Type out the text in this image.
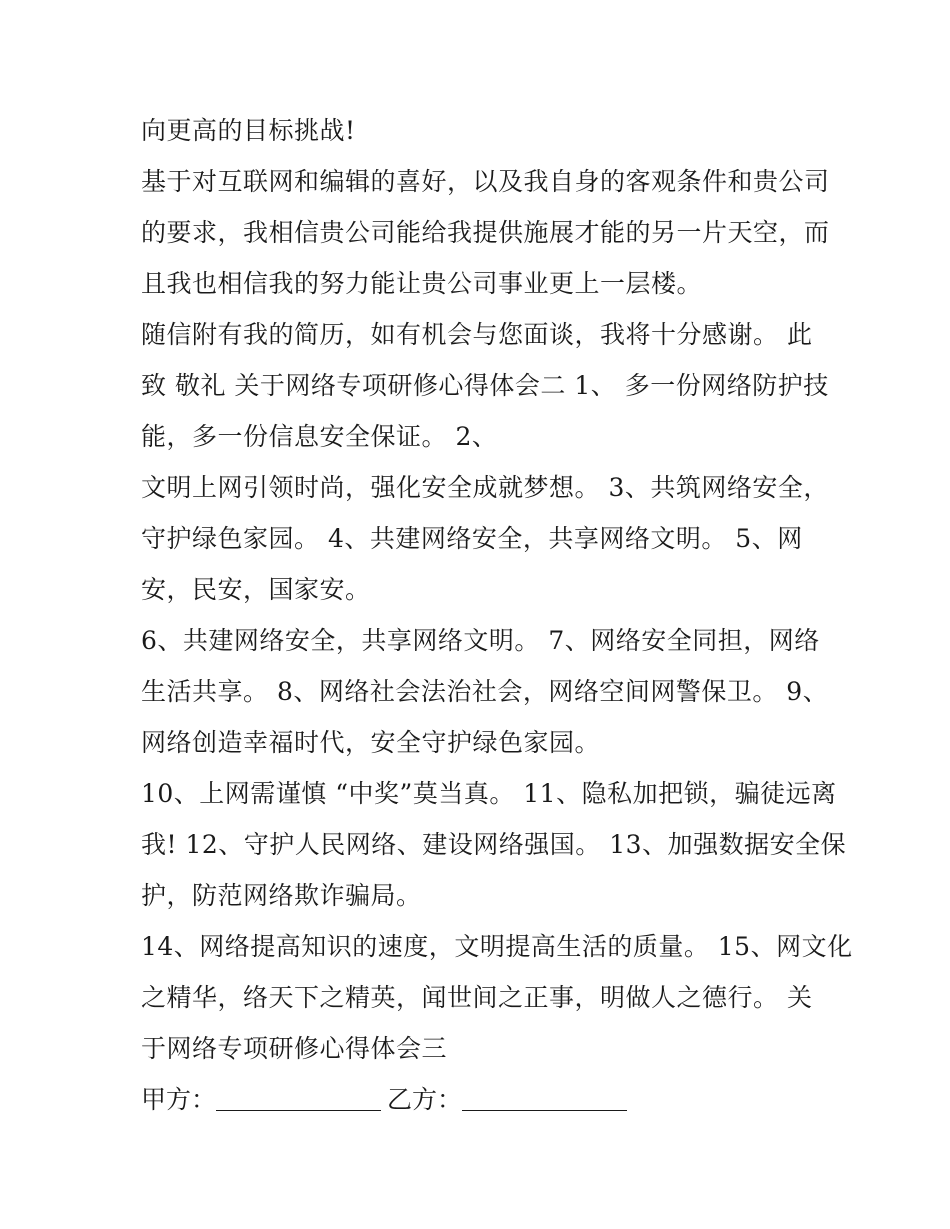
向更高的目标挑战!
基于对互联网和编辑的喜好，以及我自身的客观条件和贵公司
的要求，我相信贵公司能给我提供施展才能的另一片天空，而
且我也相信我的努力能让贵公司事业更上一层楼。
随信附有我的简历，如有机会与您面谈，我将十分感谢。 此
致 敬礼 关于网络专项研修心得体会二 1、 多一份网络防护技
能，多一份信息安全保证。 2、
文明上网引领时尚，强化安全成就梦想。 3、共筑网络安全，
守护绿色家园。 4、共建网络安全，共享网络文明。 5、网
安，民安，国家安。
6、共建网络安全，共享网络文明。 7、网络安全同担，网络
生活共享。 8、网络社会法治社会，网络空间网警保卫。 9、
网络创造幸福时代，安全守护绿色家园。
10、上网需谨慎 “中奖”莫当真。 11、隐私加把锁，骗徒远离
我! 12、守护人民网络、建设网络强国。 13、加强数据安全保
护，防范网络欺诈骗局。
14、网络提高知识的速度，文明提高生活的质量。 15、网文化
之精华，络天下之精英，闻世间之正事，明做人之德行。 关
于网络专项研修心得体会三
甲方：	乙方：
